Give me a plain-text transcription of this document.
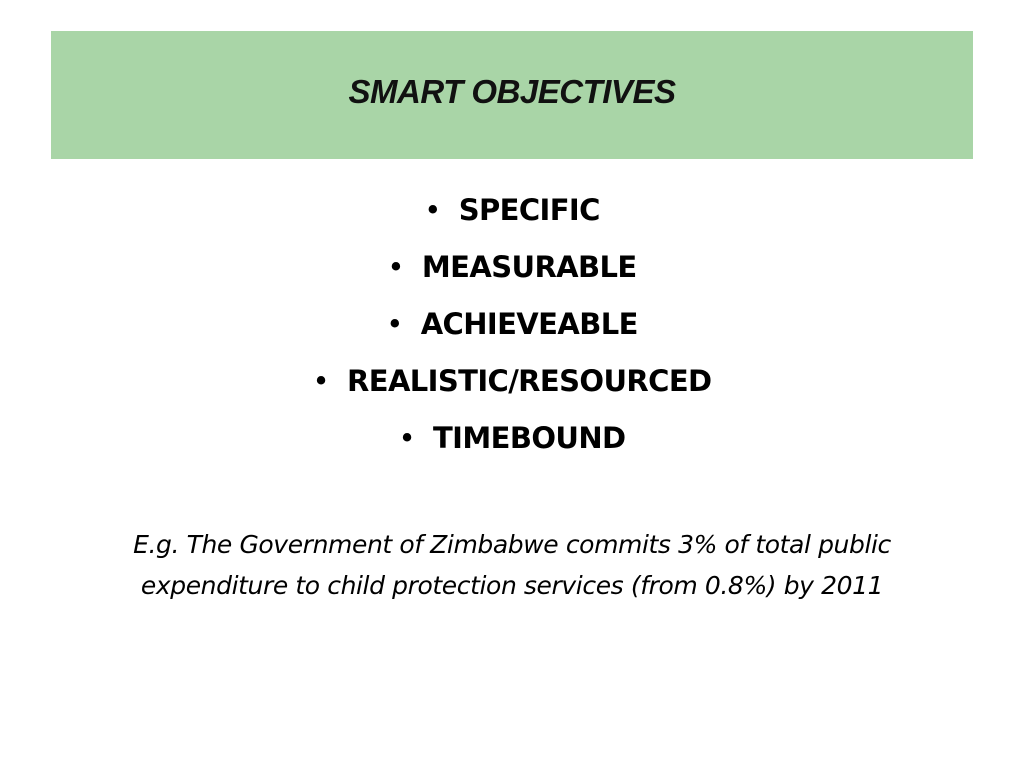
SMART OBJECTIVES
• SPECIFIC
• MEASURABLE
• ACHIEVEABLE
• REALISTIC/RESOURCED
• TIMEBOUND
E.g. The Government of Zimbabwe commits 3% of total public
expenditure to child protection services (from 0.8%) by 2011
